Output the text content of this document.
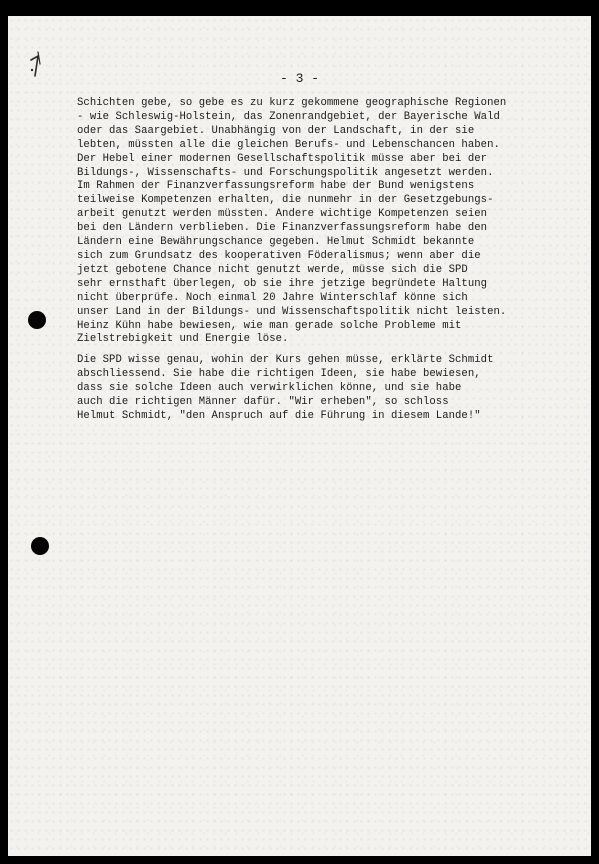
- 3 -

Schichten gebe, so gebe es zu kurz gekommene geographische Regionen
- wie Schleswig-Holstein, das Zonenrandgebiet, der Bayerische Wald
oder das Saargebiet. Unabhängig von der Landschaft, in der sie
lebten, müssten alle die gleichen Berufs- und Lebenschancen haben.
Der Hebel einer modernen Gesellschaftspolitik müsse aber bei der
Bildungs-, Wissenschafts- und Forschungspolitik angesetzt werden.
Im Rahmen der Finanzverfassungsreform habe der Bund wenigstens
teilweise Kompetenzen erhalten, die nunmehr in der Gesetzgebungs-
arbeit genutzt werden müssten. Andere wichtige Kompetenzen seien
bei den Ländern verblieben. Die Finanzverfassungsreform habe den
Ländern eine Bewährungschance gegeben. Helmut Schmidt bekannte
sich zum Grundsatz des kooperativen Föderalismus; wenn aber die
jetzt gebotene Chance nicht genutzt werde, müsse sich die SPD
sehr ernsthaft überlegen, ob sie ihre jetzige begründete Haltung
nicht überprüfe. Noch einmal 20 Jahre Winterschlaf könne sich
unser Land in der Bildungs- und Wissenschaftspolitik nicht leisten.
Heinz Kühn habe bewiesen, wie man gerade solche Probleme mit
Zielstrebigkeit und Energie löse.

Die SPD wisse genau, wohin der Kurs gehen müsse, erklärte Schmidt
abschliessend. Sie habe die richtigen Ideen, sie habe bewiesen,
dass sie solche Ideen auch verwirklichen könne, und sie habe
auch die richtigen Männer dafür. "Wir erheben", so schloss
Helmut Schmidt, "den Anspruch auf die Führung in diesem Lande!"
